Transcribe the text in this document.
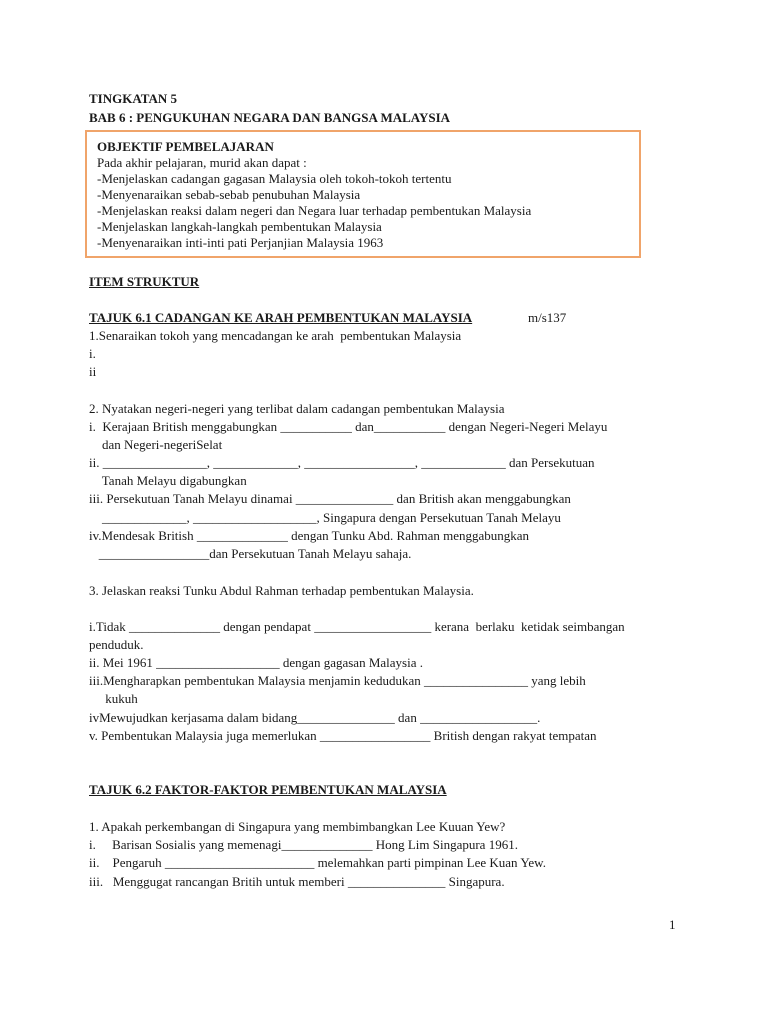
TINGKATAN 5
BAB 6 : PENGUKUHAN NEGARA DAN BANGSA MALAYSIA
OBJEKTIF PEMBELAJARAN
Pada akhir pelajaran, murid akan dapat :
-Menjelaskan cadangan gagasan Malaysia oleh tokoh-tokoh tertentu
-Menyenaraikan sebab-sebab penubuhan Malaysia
-Menjelaskan reaksi dalam negeri dan Negara luar terhadap pembentukan Malaysia
-Menjelaskan langkah-langkah pembentukan Malaysia
-Menyenaraikan inti-inti pati Perjanjian Malaysia 1963
ITEM STRUKTUR
TAJUK 6.1 CADANGAN KE ARAH PEMBENTUKAN MALAYSIA	m/s137
1.Senaraikan tokoh yang mencadangan ke arah  pembentukan Malaysia
i.
ii
2. Nyatakan negeri-negeri yang terlibat dalam cadangan pembentukan Malaysia
i.  Kerajaan British menggabungkan ___________ dan___________ dengan Negeri-Negeri Melayu
dan Negeri-negeriSelat
ii. ________________, _____________, _________________, _____________ dan Persekutuan
Tanah Melayu digabungkan
iii. Persekutuan Tanah Melayu dinamai _______________ dan British akan menggabungkan
_____________, ___________________, Singapura dengan Persekutuan Tanah Melayu
iv.Mendesak British ______________ dengan Tunku Abd. Rahman menggabungkan
_________________dan Persekutuan Tanah Melayu sahaja.
3. Jelaskan reaksi Tunku Abdul Rahman terhadap pembentukan Malaysia.
i.Tidak ______________ dengan pendapat __________________ kerana  berlaku  ketidak seimbangan
penduduk.
ii. Mei 1961 ___________________ dengan gagasan Malaysia .
iii.Mengharapkan pembentukan Malaysia menjamin kedudukan ________________ yang lebih
kukuh
ivMewujudkan kerjasama dalam bidang_______________ dan __________________.
v. Pembentukan Malaysia juga memerlukan _________________ British dengan rakyat tempatan
TAJUK 6.2 FAKTOR-FAKTOR PEMBENTUKAN MALAYSIA
1. Apakah perkembangan di Singapura yang membimbangkan Lee Kuuan Yew?
i.     Barisan Sosialis yang memenagi______________ Hong Lim Singapura 1961.
ii.    Pengaruh _______________________ melemahkan parti pimpinan Lee Kuan Yew.
iii.   Menggugat rancangan Britih untuk memberi _______________ Singapura.
1
